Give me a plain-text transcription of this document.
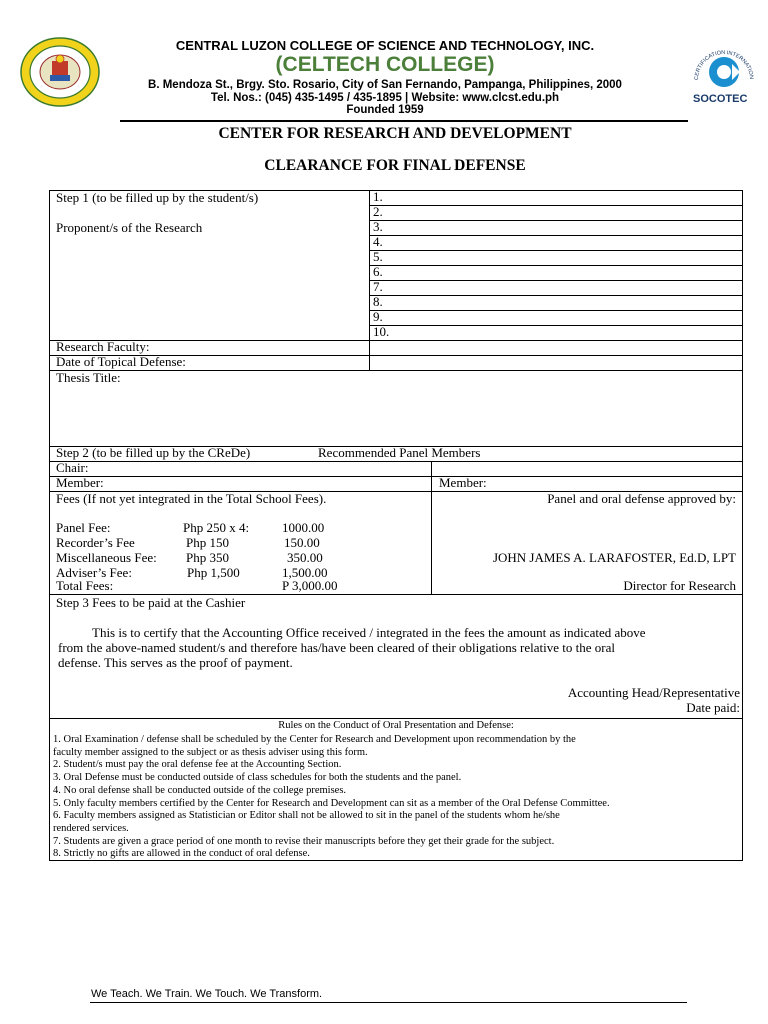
CENTRAL LUZON COLLEGE OF SCIENCE AND TECHNOLOGY, INC.
(CELTECH COLLEGE)
B. Mendoza St., Brgy. Sto. Rosario, City of San Fernando, Pampanga, Philippines, 2000
Tel. Nos.: (045) 435-1495 / 435-1895 | Website: www.clcst.edu.ph
Founded 1959
CERTIFICATION INTERNATION
SOCOTEC
CENTER FOR RESEARCH AND DEVELOPMENT
CLEARANCE FOR FINAL DEFENSE
Step 1 (to be filled up by the student/s)
Proponent/s of the Research
1.
2.
3.
4.
5.
6.
7.
8.
9.
10.
Research Faculty:
Date of Topical Defense:
Thesis Title:
Step 2 (to be filled up by the CReDe)	Recommended Panel Members
Chair:
Member:	Member:
Fees (If not yet integrated in the Total School Fees).	Panel and oral defense approved by:
Panel Fee:	Php 250 x 4:	1000.00
Recorder’s Fee	Php 150	150.00
Miscellaneous Fee: Php 350	350.00
Adviser’s Fee:	Php 1,500	1,500.00
Total Fees:	P 3,000.00
JOHN JAMES A. LARAFOSTER, Ed.D, LPT
Director for Research
Step 3 Fees to be paid at the Cashier
This is to certify that the Accounting Office received / integrated in the fees the amount as indicated above
from the above-named student/s and therefore has/have been cleared of their obligations relative to the oral
defense. This serves as the proof of payment.
Accounting Head/Representative
Date paid:
Rules on the Conduct of Oral Presentation and Defense:
1. Oral Examination / defense shall be scheduled by the Center for Research and Development upon recommendation by the
faculty member assigned to the subject or as thesis adviser using this form.
2. Student/s must pay the oral defense fee at the Accounting Section.
3. Oral Defense must be conducted outside of class schedules for both the students and the panel.
4. No oral defense shall be conducted outside of the college premises.
5. Only faculty members certified by the Center for Research and Development can sit as a member of the Oral Defense Committee.
6. Faculty members assigned as Statistician or Editor shall not be allowed to sit in the panel of the students whom he/she
rendered services.
7. Students are given a grace period of one month to revise their manuscripts before they get their grade for the subject.
8. Strictly no gifts are allowed in the conduct of oral defense.
We Teach. We Train. We Touch. We Transform.
